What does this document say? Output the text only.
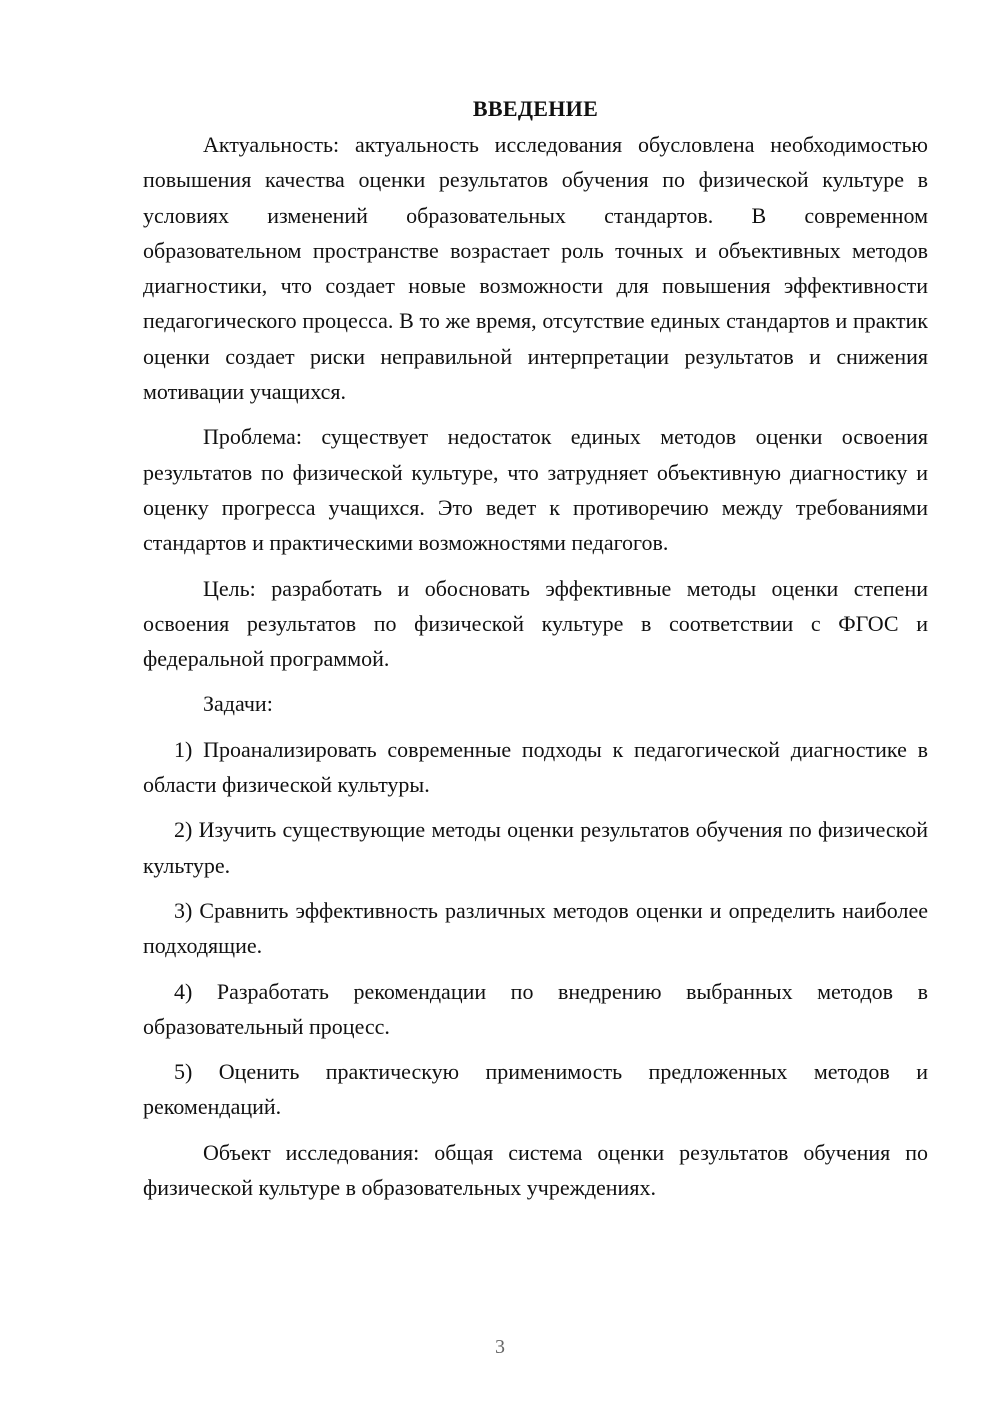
ВВЕДЕНИЕ

Актуальность: актуальность исследования обусловлена необходимостью повышения качества оценки результатов обучения по физической культуре в условиях изменений образовательных стандартов. В современном образовательном пространстве возрастает роль точных и объективных методов диагностики, что создает новые возможности для повышения эффективности педагогического процесса. В то же время, отсутствие единых стандартов и практик оценки создает риски неправильной интерпретации результатов и снижения мотивации учащихся.

Проблема: существует недостаток единых методов оценки освоения результатов по физической культуре, что затрудняет объективную диагностику и оценку прогресса учащихся. Это ведет к противоречию между требованиями стандартов и практическими возможностями педагогов.

Цель: разработать и обосновать эффективные методы оценки степени освоения результатов по физической культуре в соответствии с ФГОС и федеральной программой.

Задачи:

1) Проанализировать современные подходы к педагогической диагностике в области физической культуры.

2) Изучить существующие методы оценки результатов обучения по физической культуре.

3) Сравнить эффективность различных методов оценки и определить наиболее подходящие.

4) Разработать рекомендации по внедрению выбранных методов в образовательный процесс.

5) Оценить практическую применимость предложенных методов и рекомендаций.

Объект исследования: общая система оценки результатов обучения по физической культуре в образовательных учреждениях.

3
